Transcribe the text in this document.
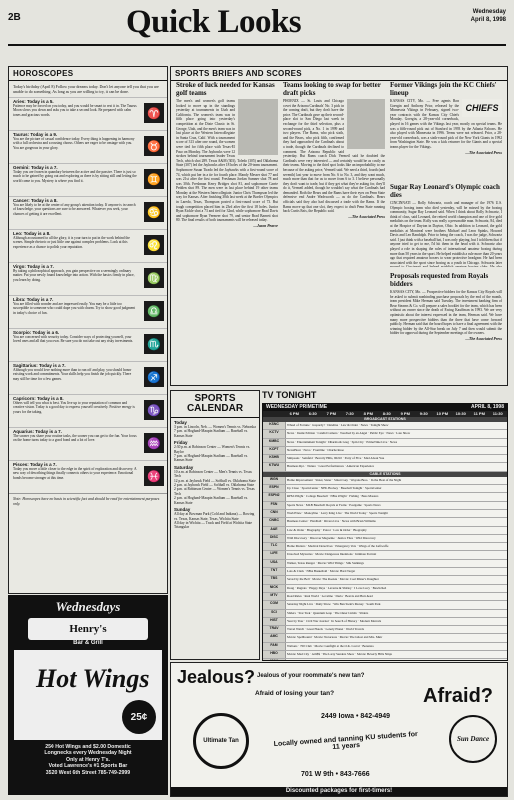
2B	Quick Looks	Wednesday
April 8, 1998
HOROSCOPES
Today's birthday (April 8) Follow your dreams today. Don't let anyone tell you that you are unable to do something. As long as you are willing to try, it can be done.
Aries: Today is a 5.

Patience may be forced on you today, and you would be smart to rest it in. The Taurus Moon slows you down and asks you to take a second look. Be prepared with calm tones and gracious words.	♈
Taurus: Today is a 9.

You are the picture of casual confidence today. Every thing is happening in harmony with a full orchestra and a rousing chorus. Others are eager to be onstage with you. You are gorgeous in your glory.	♉
Gemini: Today is a 7.

Today you are frozen in quandary between the active and the passive. There is just so much to be gained by going out and exploring as there is by sitting still and letting the world come to you. Mystery is where you find it.	♊
Cancer: Today is a 8.

You are likely to be at the center of any group's attention today. If anyone is in search of knowledge, your questions are sure to be answered. Whatever you seek, your chances of getting it are excellent.	♋
Leo: Today is a 8.

Although accustomed to all the glory, it is your turn to put in the work behind the scenes. Simple rhetoric or just little one against complex problems. Look at this experience as a chance to polish your reputation.	♌
Virgo: Today is a 7.

By taking a philosophical approach, you gain perspective on a seemingly ordinary matter. Put your newly found knowledge into action. With the basics firmly in place, you learn by doing.	♍
Libra: Today is a 7.

You are filled with wonder and are impressed easily. You may be a little too susceptible to someone who could dupe you with charm. Try to show good judgment in today's choice of fun.	♎
Scorpio: Today is a 6.

You are concerned with security today. Consider ways of protecting yourself, your loved ones and all that you own. Be sure you do not take out any risky investments.	♏
Sagittarius: Today is a 7.

Although you would love nothing more than to run off and play, you should honor existing work and commitments. Your skills help you finish the job quickly. There may still be time for a few games.	♐
Capricorn: Today is a 8.

Others will tell you what is best. You live up to your reputation of common and creative vision. Today is a good day to express yourself creatively. Positive energy is yours for the taking.	♑
Aquarius: Today is a 7.

The sooner you share your routine tasks, the sooner you can get to the fun. Your focus on the home turns today to a good bond and a lot of love.	♒
Pisces: Today is a 7.

Today you move a little closer to the edge in the spirit of exploration and discovery. A new way of describing things finally connects others to your experience. Emotional bonds become stronger at this time.	♓
Note: Horoscopes have no basis in scientific fact and should be read for entertainment purposes only.
SPORTS BRIEFS AND SCORES
Stroke of luck needed for Kansas golf teams

The men's and women's golf teams looked to move up in the standings yesterday at tournaments in Utah and California. The women's team was in fifth place going into yesterday's competition at the Dixie Classic in St. George, Utah, and the men's team was in last place at the Western Intercollegiate in Santa Cruz, Calif. With a tournament score of 313 after one round, the women were tied for fifth place with Texas-El Paso on Monday. The Jayhawks were 12 strokes behind tournament leader Texas Tech, which shot 289. Texas A&M (303), Toledo (305) and Oklahoma State (307) led the Jayhawks after 18 holes of the 20-team tournament. Sophomore Susan Tirado led the Jayhawks with a first-round score of 74, which put her in a tie for fourth place. Mandy Messer shot 77 and was 21st after the first round. Freshman Jordan Sumner shot 78 and was 30th. Freshman Kerry Bridges shot 81, and sophomore Carrie Pedden shot 89. The men were in last place behind 19 other teams Monday at the Western Intercollegiate. Junior Chris Thompson led the way for Kansas. After finishing 30th last week at the Border Olympics in Laredo, Texas, Thompson posted a first-round score of 73. But tough competition placed him in 23rd after the first 18 holes. Junior Ryan Eickle shot a 73 and tied for 32nd, while sophomore Brad Davis and sophomore Ryan Vermeer shot 79, and senior Brad Barnett shot 80. The final results of both tournaments will be released today.

—Jason Pearce
Teams looking to swap for better draft picks

PHOENIX — St. Louis and Chicago covet the Arizona Cardinals' No. 3 pick in the coming draft, but they don't have the price. The Cardinals gave up their second-place slot to San Diego last week in exchange for the third selection, plus a second-round pick, a No. 1 in 1999 and two players. The Rams, who pick sixth, and the Bears, who pick fifth, confirmed they had approached the Cardinals about a trade, though the Cardinals declined to comment. The Arizona Republic said yesterday. But Rams coach Dick Vermeil said he doubted the Cardinals were very interested — and certainly would be as costly as their teams. Moving to the third spot looks like an improbability to me because of the asking price, Vermeil said. We need a third, fourth (and seventh) last year to move from No. 6 to No. 3, and they want much, much more than that for us to move from 6 to 3. I believe personally they don't want to trade, but if they get what they're asking for, they'll do it, Vermeil added, though he wouldn't say what the Cardinals had demanded. Both the Bears and the Rams have their eyes on Penn State defensive end Andre Wadsworth — as do the Cardinals. Bears officials said they also had discussed a trade with the Rams. If the Rams move up that one slot, they expect to draft Penn State running back Curtis Enis, the Republic said.

—The Associated Press
Former Vikings join the KC Chiefs' lineup
CHIEFS

KANSAS CITY, Mo. — Free agents Ron Goergin and Anthony Prior, released by the Minnesota Vikings in February, signed two-year contracts with the Kansas City Chiefs Monday. Goergin, a 28-year-old cornerback, played in 16 games with the Vikings last year, mostly on special teams. He was a fifth-round pick out of Stanford in 1993 by the Atlanta Falcons. He also played with Minnesota in 1996. Terms were not released. Prior, a 28-year-old cornerback, was a sixth-round pick of the New York Giants in 1992 from Washington State. He was a kick returner for the Giants and a special teams player for the Vikings.

—The Associated Press
Sugar Ray Leonard's Olympic coach dies

CINCINNATI — Rolly Schwartz, coach and manager of the 1976 U.S. Olympic boxing team who died yesterday, will be missed by the boxing community, Sugar Ray Leonard said. When I think about Rolly Schwartz, I think of class, said Leonard, the retired world champion and one of five gold medalists on the team. Rolly was really a personable man. Schwartz, 84, died at the Hospice of Dayton in Dayton, Ohio. In addition to Leonard, the gold medalists at Montreal were brothers Michael and Leon Spinks, Howard Davis and Leo Randolph. Prior to being the coach, I was the judge, Schwartz said. I just think with a baseball bat, I was only playing, but I told them that if anyone tried to get to me, I'd hit them in the head with it. Schwartz also played a role in shaping the rules of international amateur boxing during more than 50 years in the sport. He helped establish a rule more than 20 years ago that required amateur boxers to wear protective headgear. He had been associated with the sport since boxing as a youth in Chicago. Schwartz later

Proposals requested from Royals bidders

KANSAS CITY, Mo. — Prospective bidders for the Kansas City Royals will be asked to submit nonbinding purchase proposals by the end of the month, team president Mike Herman said Tuesday. The investment banking firm of Bear Stearns & Co. will prepare a sales booklet for the team, which has been without an owner since the death of Ewing Kauffman in 1993. We are very optimistic about the interest expressed in the team, Herman said. We have many more prospective bidders than the three that have come forward publicly. Herman said that the board hopes to have a final agreement with the winning bidder by the All-Star break on July 7 and then would submit the bidder for approval during the September meetings of the owners.

—The Associated Press
SPORTS CALENDAR
Today
3 p.m. in Lincoln, Neb. — Women's Tennis vs. Nebraska
7 p.m. at Hoglund-Maupin Stadium — Baseball vs. Kansas State
Friday
2:30 p.m. at Robinson Center — Women's Tennis vs. Baylor
7 p.m. at Hoglund-Maupin Stadium — Baseball vs. Kansas State
Saturday
10 a.m. at Robinson Center — Men's Tennis vs. Texas Tech
12 p.m. at Jayhawk Field — Softball vs. Oklahoma State
2 p.m. at Jayhawk Field — Softball vs. Oklahoma State
2 p.m. at Robinson Center — Women's Tennis vs. Texas Tech
2 p.m. at Hoglund-Maupin Stadium — Baseball vs. Kansas State
Sunday
All day at Bowman Park (Cold and Indiana) — Rowing vs. Texas, Kansas State, Texas, Wichita State
All day in Wichita — Track and Field at Wichita State Triangular
TV TONIGHT
WEDNESDAY PRIMETIME	APRIL 8, 1998
6 PM	6:30	7 PM	7:30	8 PM	8:30	9 PM	9:30	10 PM	10:30	11 PM	11:30
BROADCAST STATIONS
KSNC	Wheel of Fortune · Jeopardy! · Dateline · Law & Order · News · Tonight Show
KCTV	News · Inside Edition · Candid Camera · Touched by an Angel · Public Eye · News · Late Show
KMBC	News · Entertainment Tonight · Dharma & Greg · Spin City · PrimeTime Live · News
KCPT	NewsHour · Nova · Frontline · Charlie Rose
KSHB	Simpsons · Seinfeld · Beverly Hills, 90210 · Party of Five · Mad About You
KTWU	Business Rpt. · Nature · Great Performances · American Experience
CABLE STATIONS
WGN	Home Improvement · Sister, Sister · Smart Guy · Wayans Bros. · In the Heat of the Night
ESPN	Up Close · SportsCenter · NHL Hockey · Baseball Tonight · SportsCenter
ESPN2	RPM 2Night · College Baseball · NBA 2Night · Fishing · Bass Masters
FSN	Sports News · MLB Baseball: Royals at Twins · Postgame · Sports News
CNN	WorldView · Moneyline · Larry King Live · The World Today · Sports Tonight
CNBC	Business Center · Hardball · Rivera Live · News with Brian Williams
A&E	Law & Order · Biography · Poirot · Law & Order · Biography
DISC	Wild Discovery · Discover Magazine · Justice Files · Wild Discovery
TLC	Home Matters · Medical Detectives · Emergency Vets · Wings of the Luftwaffe
LIFE	Unsolved Mysteries · Movie: Dangerous Intentions · Intimate Portrait
USA	Walker, Texas Ranger · Movie: Wild Things · Silk Stalkings
TNT	Lois & Clark · NBA Basketball · Movie: Hard Target
TBS	Saved by the Bell · Movie: The Rookie · Movie: Coal Miner's Daughter
NICK	Doug · Rugrats · Happy Days · Laverne & Shirley · I Love Lucy · Bewitched
MTV	Road Rules · Real World · Loveline · Daria · Beavis and Butt-head
COM	Saturday Night Live · Daily Show · Win Ben Stein's Money · South Park
SCI	Sliders · Star Trek · Quantum Leap · The Outer Limits · Sliders
HIST	Year by Year · Civil War Journal · In Search of History · Modern Marvels
TRAV	Travel Watch · Great Hotels · Lonely Planet · World Travels
AMC	Movie: Spellbound · Movie: Notorious · Movie: The Ghost and Mrs. Muir
FAM	Waltons · 700 Club · Movie: Gunfight at the O.K. Corral · Bonanza
HBO	Movie: Mad City · Arli$$ · The Larry Sanders Show · Movie: Beverly Hills Ninja
Wednesdays
Henry's
Bar & Grill
Hot Wings
25¢
25¢ Hot Wings and $2.00 Domestic
Longnecks every Wednesday Night
Only at Henry T's.
Voted Lawrence's #1 Sports Bar
3520 West 6th Street 785-749-2999
Jealous? Jealous of your roommate's new tan?
Afraid of losing your tan?	Afraid?
Ultimate Tan
2449 Iowa • 842-4949
Locally owned and tanning KU students for 11 years
Sun Dance
701 W 9th • 843-7666
Discounted packages for first-timers!
